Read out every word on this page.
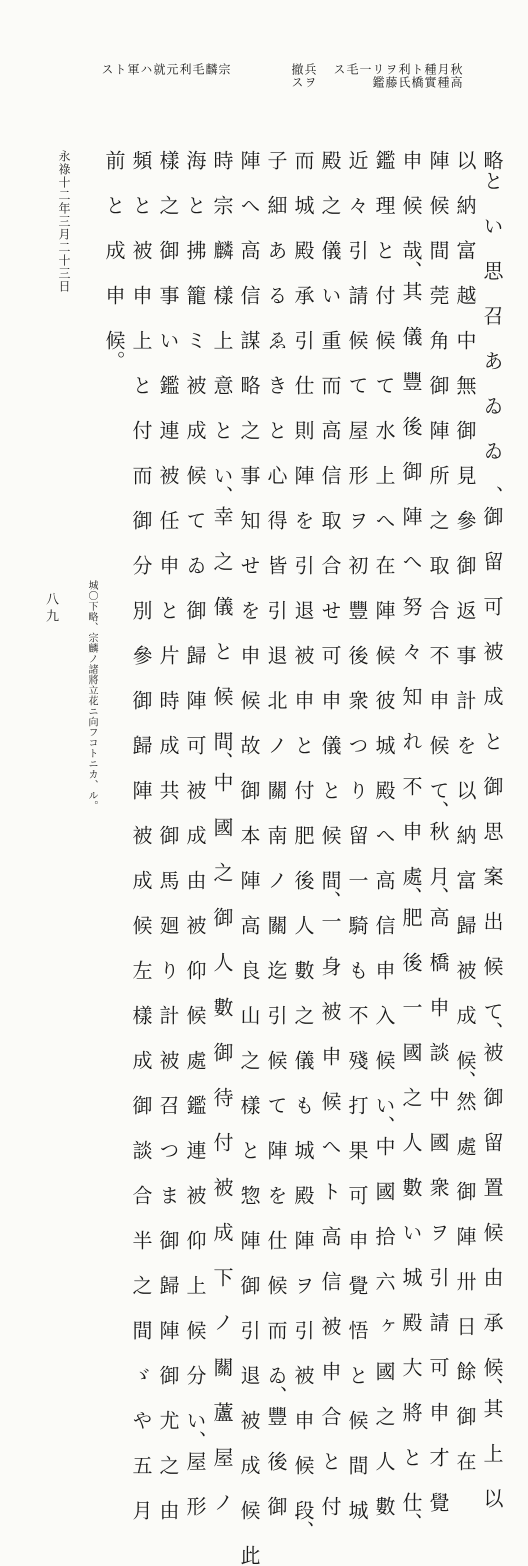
秋高
月種
種實
ト橋
利氏
ヲ藤
リ鑑
一
毛
ス
兵ヲ
撤ス
宗
麟
毛
利
元
就
ハ
軍
ト
ス
略と い 思 召 あ ゐ ゐ 、御 留 可 被 成 と 御 思 案 出 候 て、被 御 留 置 候 由 承 候、其 上 以
以 納 富 越 中 無 御 見 參 御 返 事 計 を 以 納 富 歸 被 成 候、然 處 御 陣 卅 日 餘 御 在
陣 候 間 莞 角 御 陣 所 之 取 合 不 申 候 て、秋 月、高 橋 申 談 中 國 衆 ヲ 引 請 可 申 才 覺
申 候 哉、其 儀 豐 後 御 陣 へ 努 々 知 れ 不 申 處、肥 後 一 國 之 人 數 い 城 殿 大 將 と 仕、
鑑 理 と 付 候 て 水 上 へ 在 陣 候 彼 城 殿 へ 高 信 申 入 候 い、中 國 拾 六 ヶ 國 之 人 數
近 々 引 請 候 て 屋 形 ヲ 初 豐 後 衆 つ り 留 一 騎 も 不 殘 打 果 可 申 覺 悟 と 候 間 城
殿 之 儀 い 重 而 高 信 取 合 せ 可 申 儀 と 候 間、一 身 被 申 候 へ ト 高 信 被 申 合 と 付
而 城 殿 承 引 仕 則 陣 を 引 退 被 申 と 付 肥 後 人 數 之 儀 も 城 殿 陣 ヲ 引 被 申 候 段、
子 細 あ る ゑ き と 心 得 皆 引 退 北 ノ 關 南 ノ 關 迄 引 候 て 陣 を 仕 候 而 ゐ、豐 後 御
陣 へ 高 信 謀 略 之 事 知 せ を 申 候 故 御 本 陣 高 良 山 之 樣 と 惣 陣 御 引 退 被 成 候 此
時 宗 麟 樣 上 意 と い、幸 之 儀 と 候 間、中 國 之 御 人 數 御 待 付 被 成 下 ノ 關 蘆 屋 ノ
海 と 拂 籠 ミ 被 成 候 て ゐ 御 歸 陣 可 被 成 由 被 仰 候 處 鑑 連 被 仰 上 候 分 い、屋 形
樣 之 御 事 い 鑑 連 被 任 申 と 片 時 成 共 御 馬 廻 り 計 被 召 つ ま 御 歸 陣 御 尤 之 由
頻 と 被 申 上 と 付 而 御 分 別 參 御 歸 陣 被 成 候 左 樣 成 御 談 合 半 之 間 ゞ や 五 月
前 と 成 申 候。
永祿十二年三月二十三日
城〇下略、宗麟ノ諸將立花ニ向フコトニカ、ル。
八九
